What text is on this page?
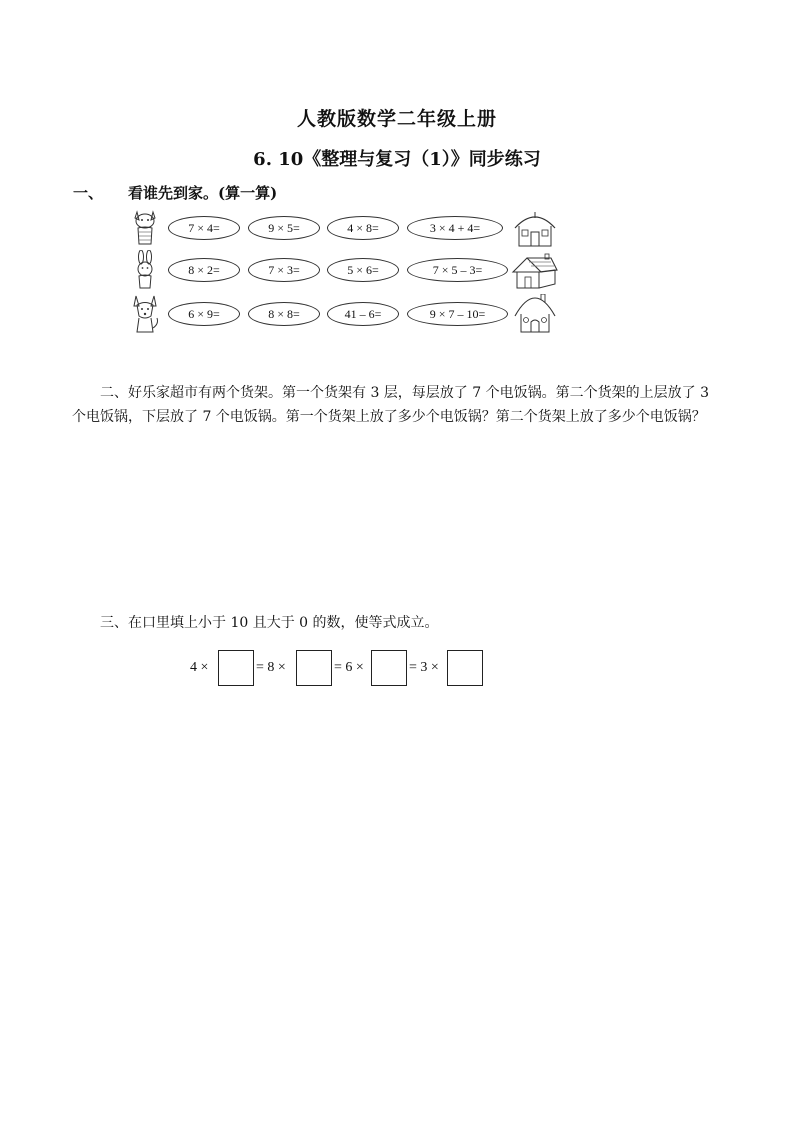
人教版数学二年级上册
6. 10《整理与复习（1）》同步练习
一、 看谁先到家。(算一算)
7 × 4=	9 × 5=	4 × 8=	3 × 4 + 4=
8 × 2=	7 × 3=	5 × 6=	7 × 5 – 3=
6 × 9=	8 × 8=	41 – 6=	9 × 7 – 10=
二、好乐家超市有两个货架。第一个货架有 3 层，每层放了 7 个电饭锅。第二个货架的上层放了 3 个电饭锅，下层放了 7 个电饭锅。第一个货架上放了多少个电饭锅？第二个货架上放了多少个电饭锅？
三、在口里填上小于 10 且大于 0 的数，使等式成立。
4 ×	= 8 ×	= 6 ×	= 3 ×
